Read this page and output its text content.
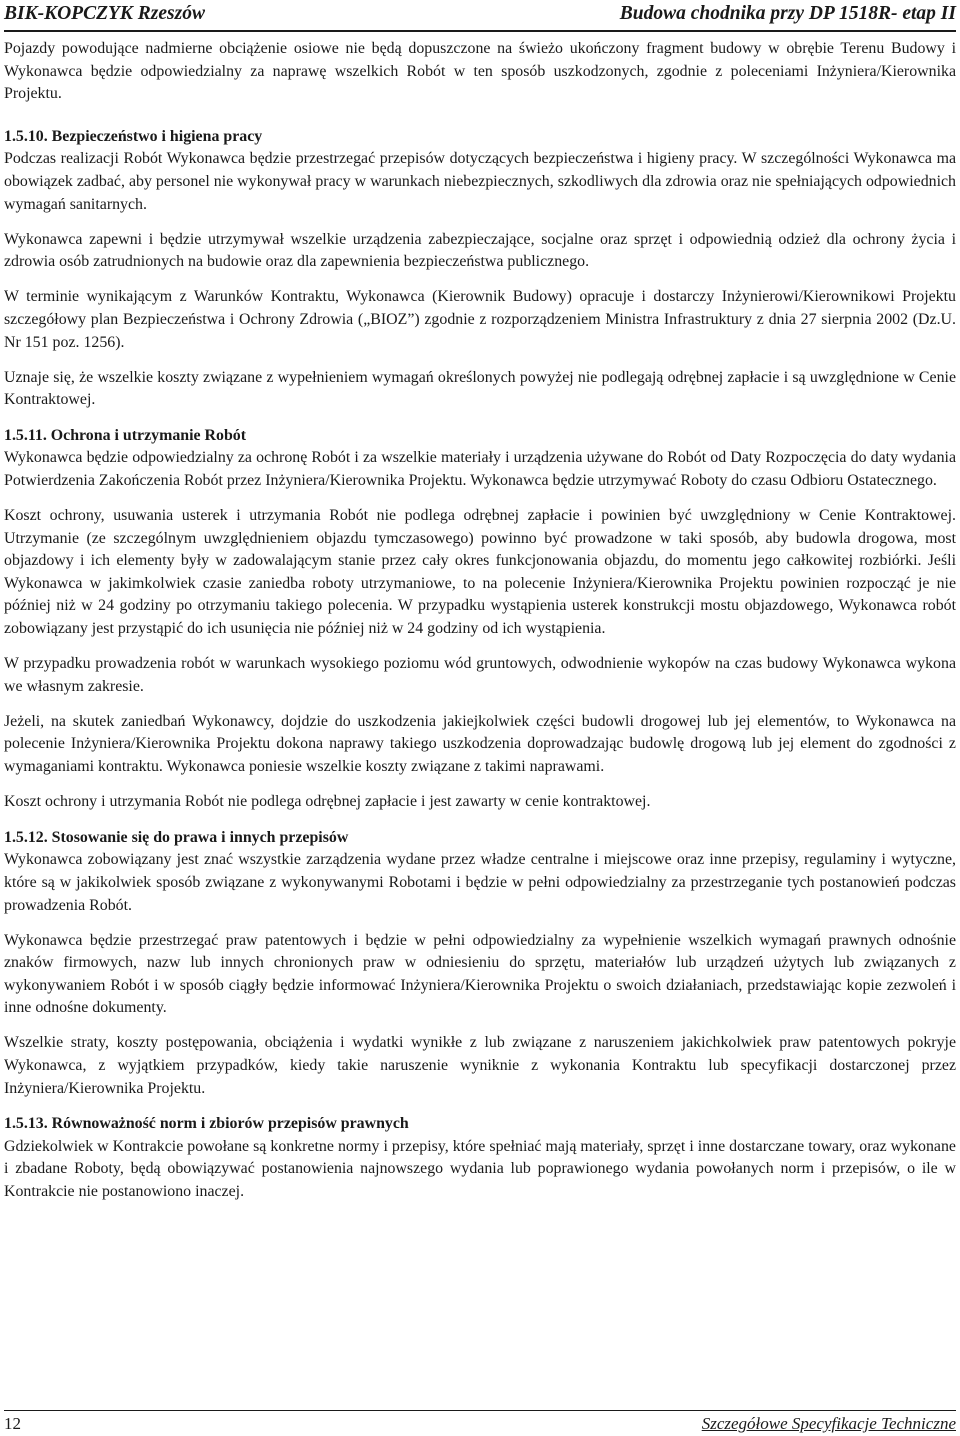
BIK-KOPCZYK Rzeszów	Budowa chodnika przy DP 1518R- etap II

Pojazdy powodujące nadmierne obciążenie osiowe nie będą dopuszczone na świeżo ukończony fragment budowy w obrębie Terenu Budowy i Wykonawca będzie odpowiedzialny za naprawę wszelkich Robót w ten sposób uszkodzonych, zgodnie z poleceniami Inżyniera/Kierownika Projektu.

1.5.10. Bezpieczeństwo i higiena pracy

Podczas realizacji Robót Wykonawca będzie przestrzegać przepisów dotyczących bezpieczeństwa i higieny pracy. W szczególności Wykonawca ma obowiązek zadbać, aby personel nie wykonywał pracy w warunkach niebezpiecznych, szkodliwych dla zdrowia oraz nie spełniających odpowiednich wymagań sanitarnych.

Wykonawca zapewni i będzie utrzymywał wszelkie urządzenia zabezpieczające, socjalne oraz sprzęt i odpowiednią odzież dla ochrony życia i zdrowia osób zatrudnionych na budowie oraz dla zapewnienia bezpieczeństwa publicznego.

W terminie wynikającym z Warunków Kontraktu, Wykonawca (Kierownik Budowy) opracuje i dostarczy Inżynierowi/Kierownikowi Projektu szczegółowy plan Bezpieczeństwa i Ochrony Zdrowia („BIOZ”) zgodnie z rozporządzeniem Ministra Infrastruktury z dnia 27 sierpnia 2002 (Dz.U. Nr 151 poz. 1256).

Uznaje się, że wszelkie koszty związane z wypełnieniem wymagań określonych powyżej nie podlegają odrębnej zapłacie i są uwzględnione w Cenie Kontraktowej.

1.5.11. Ochrona i utrzymanie Robót

Wykonawca będzie odpowiedzialny za ochronę Robót i za wszelkie materiały i urządzenia używane do Robót od Daty Rozpoczęcia do daty wydania Potwierdzenia Zakończenia Robót przez Inżyniera/Kierownika Projektu. Wykonawca będzie utrzymywać Roboty do czasu Odbioru Ostatecznego.

Koszt ochrony, usuwania usterek i utrzymania Robót nie podlega odrębnej zapłacie i powinien być uwzględniony w Cenie Kontraktowej. Utrzymanie (ze szczególnym uwzględnieniem objazdu tymczasowego) powinno być prowadzone w taki sposób, aby budowla drogowa, most objazdowy i ich elementy były w zadowalającym stanie przez cały okres funkcjonowania objazdu, do momentu jego całkowitej rozbiórki. Jeśli Wykonawca w jakimkolwiek czasie zaniedba roboty utrzymaniowe, to na polecenie Inżyniera/Kierownika Projektu powinien rozpocząć je nie później niż w 24 godziny po otrzymaniu takiego polecenia. W przypadku wystąpienia usterek konstrukcji mostu objazdowego, Wykonawca robót zobowiązany jest przystąpić do ich usunięcia nie później niż w 24 godziny od ich wystąpienia.

W przypadku prowadzenia robót w warunkach wysokiego poziomu wód gruntowych, odwodnienie wykopów na czas budowy Wykonawca wykona we własnym zakresie.

Jeżeli, na skutek zaniedbań Wykonawcy, dojdzie do uszkodzenia jakiejkolwiek części budowli drogowej lub jej elementów, to Wykonawca na polecenie Inżyniera/Kierownika Projektu dokona naprawy takiego uszkodzenia doprowadzając budowlę drogową lub jej element do zgodności z wymaganiami kontraktu. Wykonawca poniesie wszelkie koszty związane z takimi naprawami.

Koszt ochrony i utrzymania Robót nie podlega odrębnej zapłacie i jest zawarty w cenie kontraktowej.

1.5.12. Stosowanie się do prawa i innych przepisów

Wykonawca zobowiązany jest znać wszystkie zarządzenia wydane przez władze centralne i miejscowe oraz inne przepisy, regulaminy i wytyczne, które są w jakikolwiek sposób związane z wykonywanymi Robotami i będzie w pełni odpowiedzialny za przestrzeganie tych postanowień podczas prowadzenia Robót.

Wykonawca będzie przestrzegać praw patentowych i będzie w pełni odpowiedzialny za wypełnienie wszelkich wymagań prawnych odnośnie znaków firmowych, nazw lub innych chronionych praw w odniesieniu do sprzętu, materiałów lub urządzeń użytych lub związanych z wykonywaniem Robót i w sposób ciągły będzie informować Inżyniera/Kierownika Projektu o swoich działaniach, przedstawiając kopie zezwoleń i inne odnośne dokumenty.

Wszelkie straty, koszty postępowania, obciążenia i wydatki wynikłe z lub związane z naruszeniem jakichkolwiek praw patentowych pokryje Wykonawca, z wyjątkiem przypadków, kiedy takie naruszenie wyniknie z wykonania Kontraktu lub specyfikacji dostarczonej przez Inżyniera/Kierownika Projektu.

1.5.13. Równoważność norm i zbiorów przepisów prawnych

Gdziekolwiek w Kontrakcie powołane są konkretne normy i przepisy, które spełniać mają materiały, sprzęt i inne dostarczane towary, oraz wykonane i zbadane Roboty, będą obowiązywać postanowienia najnowszego wydania lub poprawionego wydania powołanych norm i przepisów, o ile w Kontrakcie nie postanowiono inaczej.

12	Szczegółowe Specyfikacje Techniczne
